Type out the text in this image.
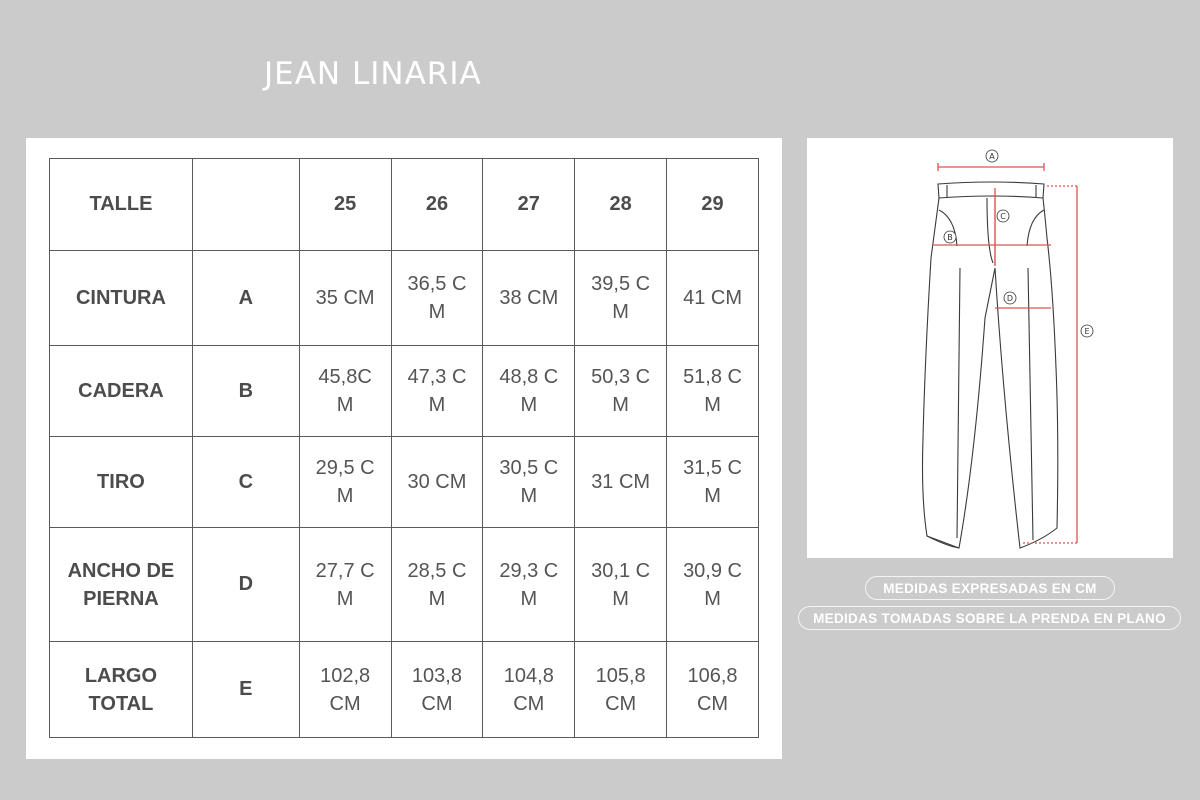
JEAN LINARIA
TALLE		25	26	27	28	29
CINTURA	A	35 CM	36,5 CM	38 CM	39,5 CM	41 CM
CADERA	B	45,8CM	47,3 CM	48,8 CM	50,3 CM	51,8 CM
TIRO	C	29,5 CM	30 CM	30,5 CM	31 CM	31,5 CM
ANCHO DE PIERNA	D	27,7 CM	28,5 CM	29,3 CM	30,1 CM	30,9 CM
LARGO TOTAL	E	102,8 CM	103,8 CM	104,8 CM	105,8 CM	106,8 CM
A
B
C
D
E
MEDIDAS EXPRESADAS EN CM
MEDIDAS TOMADAS SOBRE LA PRENDA EN PLANO
